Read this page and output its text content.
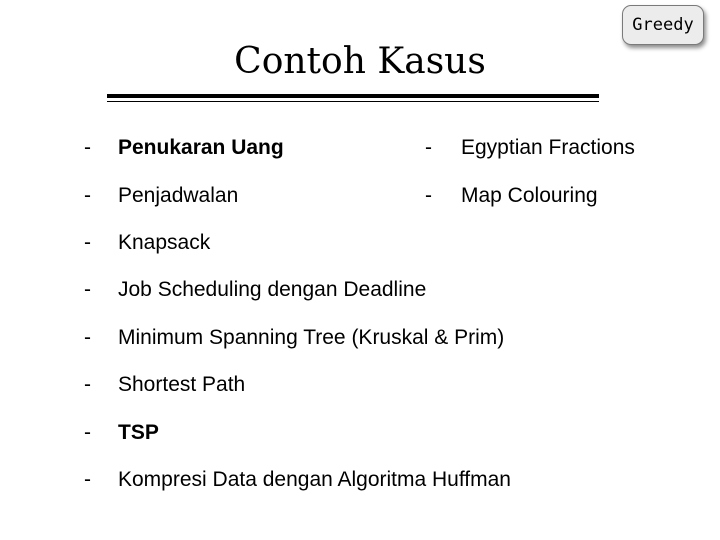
Greedy
Contoh Kasus
-	Penukaran Uang
-	Penjadwalan
-	Knapsack
-	Job Scheduling dengan Deadline
-	Minimum Spanning Tree (Kruskal & Prim)
-	Shortest Path
-	TSP
-	Kompresi Data dengan Algoritma Huffman
-	Egyptian Fractions
-	Map Colouring
